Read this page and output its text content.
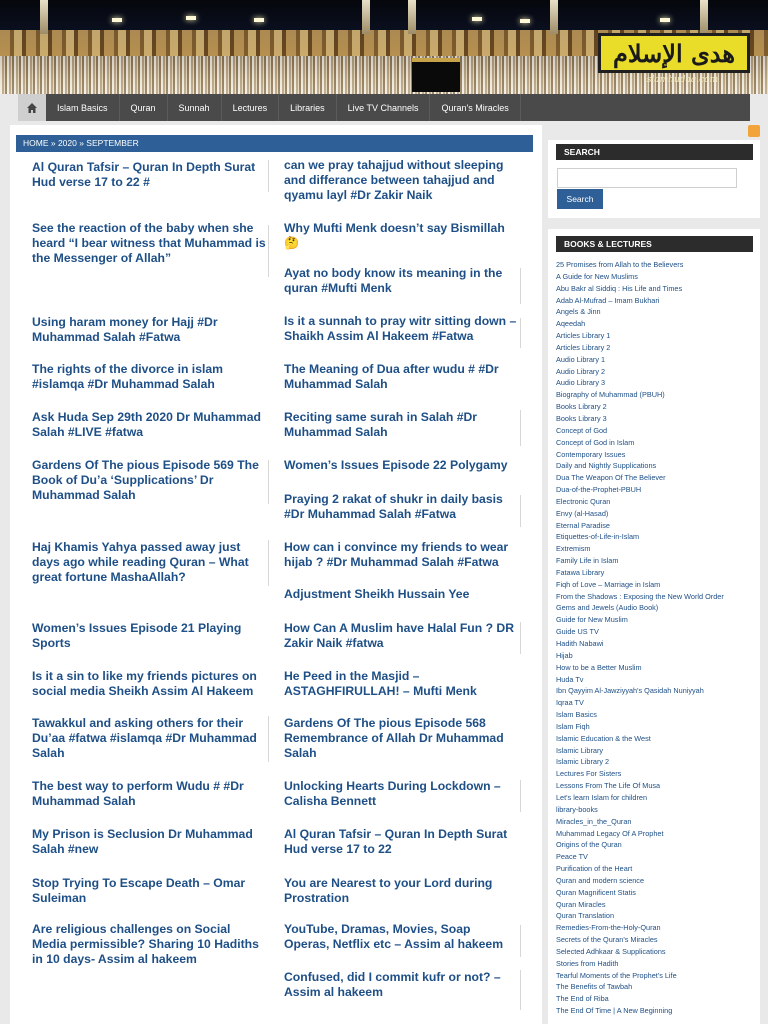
هدى الإسلام
islamhudaa.com
Islam Basics	Quran	Sunnah	Lectures	Libraries	Live TV Channels	Quran's Miracles
HOME » 2020 » SEPTEMBER
Al Quran Tafsir – Quran In Depth Surat Hud verse 17 to 22 #
See the reaction of the baby when she heard “I bear witness that Muhammad is the Messenger of Allah”
Using haram money for Hajj #Dr Muhammad Salah #Fatwa
The rights of the divorce in islam #islamqa #Dr Muhammad Salah
Ask Huda Sep 29th 2020 Dr Muhammad Salah #LIVE #fatwa
Gardens Of The pious Episode 569 The Book of Du’a ‘Supplications’ Dr Muhammad Salah
Haj Khamis Yahya passed away just days ago while reading Quran – What great fortune MashaAllah?
Women’s Issues Episode 21 Playing Sports
Is it a sin to like my friends pictures on social media Sheikh Assim Al Hakeem
Tawakkul and asking others for their Du’aa #fatwa #islamqa #Dr Muhammad Salah
The best way to perform Wudu # #Dr Muhammad Salah
My Prison is Seclusion Dr Muhammad Salah #new
Stop Trying To Escape Death – Omar Suleiman
Are religious challenges on Social Media permissible? Sharing 10 Hadiths in 10 days- Assim al hakeem
can we pray tahajjud without sleeping and differance between tahajjud and qyamu layl #Dr Zakir Naik
Why Mufti Menk doesn’t say Bismillah 🤔
Ayat no body know its meaning in the quran #Mufti Menk
Is it a sunnah to pray witr sitting down – Shaikh Assim Al Hakeem #Fatwa
The Meaning of Dua after wudu # #Dr Muhammad Salah
Reciting same surah in Salah #Dr Muhammad Salah
Women’s Issues Episode 22 Polygamy
Praying 2 rakat of shukr in daily basis #Dr Muhammad Salah #Fatwa
How can i convince my friends to wear hijab ? #Dr Muhammad Salah #Fatwa
Adjustment Sheikh Hussain Yee
How Can A Muslim have Halal Fun ? DR Zakir Naik #fatwa
He Peed in the Masjid – ASTAGHFIRULLAH! – Mufti Menk
Gardens Of The pious Episode 568 Remembrance of Allah Dr Muhammad Salah
Unlocking Hearts During Lockdown – Calisha Bennett
Al Quran Tafsir – Quran In Depth Surat Hud verse 17 to 22
You are Nearest to your Lord during Prostration
YouTube, Dramas, Movies, Soap Operas, Netflix etc – Assim al hakeem
Confused, did I commit kufr or not? – Assim al hakeem
SEARCH
Search
BOOKS & LECTURES
25 Promises from Allah to the Believers
A Guide for New Muslims
Abu Bakr al Siddiq : His Life and Times
Adab Al-Mufrad – Imam Bukhari
Angels & Jinn
Aqeedah
Articles Library 1
Articles Library 2
Audio Library 1
Audio Library 2
Audio Library 3
Biography of Muhammad (PBUH)
Books Library 2
Books Library 3
Concept of God
Concept of God in Islam
Contemporary Issues
Daily and Nightly Supplications
Dua The Weapon Of The Believer
Dua-of-the-Prophet-PBUH
Electronic Quran
Envy (al-Hasad)
Eternal Paradise
Etiquettes-of-Life-in-Islam
Extremism
Family Life in Islam
Fatawa Library
Fiqh of Love – Marriage in Islam
From the Shadows : Exposing the New World Order
Gems and Jewels (Audio Book)
Guide for New Muslim
Guide US TV
Hadith Nabawi
Hijab
How to be a Better Muslim
Huda Tv
Ibn Qayyim Al-Jawziyyah's Qasidah Nuniyyah
Iqraa TV
Islam Basics
Islam Fiqh
Islamic Education & the West
Islamic Library
Islamic Library 2
Lectures For Sisters
Lessons From The Life Of Musa
Let's learn Islam for children
library-books
Miracles_in_the_Quran
Muhammad Legacy Of A Prophet
Origins of the Quran
Peace TV
Purification of the Heart
Quran and modern science
Quran Magnificent Statis
Quran Miracles
Quran Translation
Remedies-From-the-Holy-Quran
Secrets of the Quran's Miracles
Selected Adhkaar & Supplications
Stories from Hadith
Tearful Moments of the Prophet's Life
The Benefits of Tawbah
The End of Riba
The End Of Time | A New Beginning
